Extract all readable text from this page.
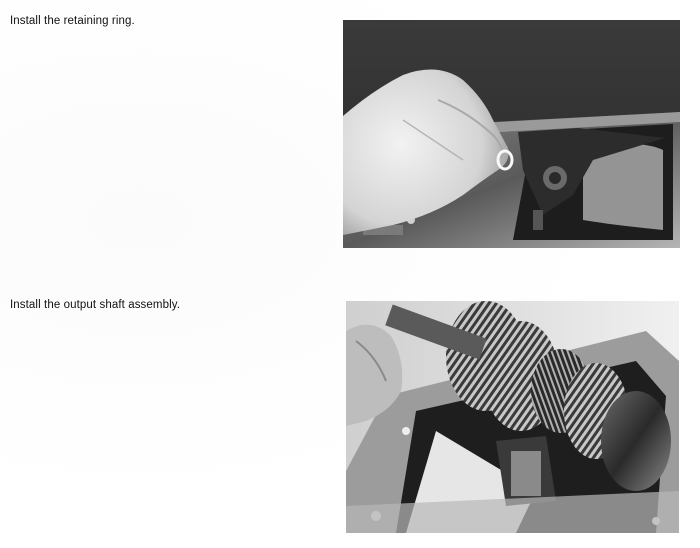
Install the retaining ring.

Install the output shaft assembly.
